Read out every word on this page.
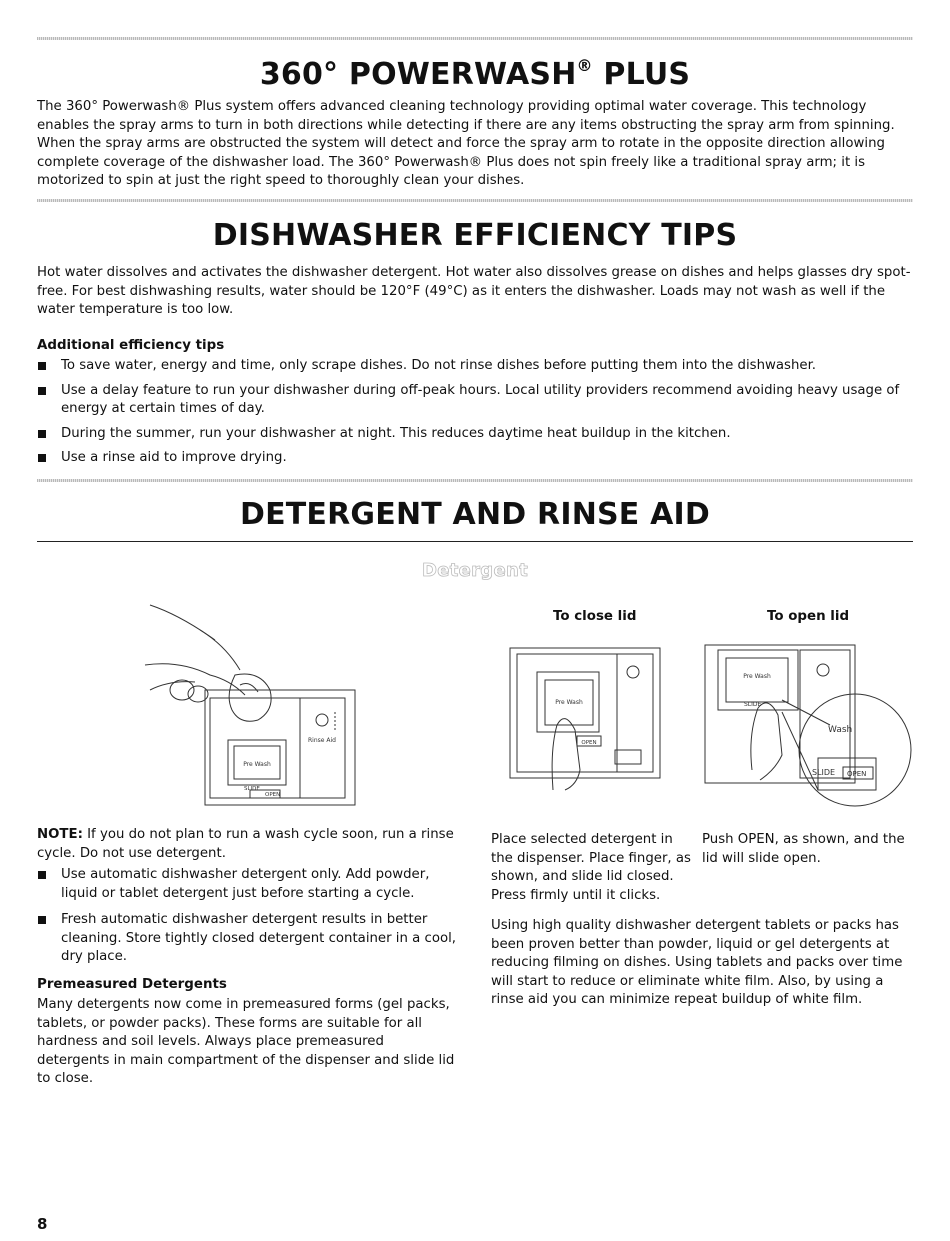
360° POWERWASH® PLUS

The 360° Powerwash® Plus system offers advanced cleaning technology providing optimal water coverage. This technology enables the spray arms to turn in both directions while detecting if there are any items obstructing the spray arm from spinning. When the spray arms are obstructed the system will detect and force the spray arm to rotate in the opposite direction allowing complete coverage of the dishwasher load. The 360° Powerwash® Plus does not spin freely like a traditional spray arm; it is motorized to spin at just the right speed to thoroughly clean your dishes.

DISHWASHER EFFICIENCY TIPS

Hot water dissolves and activates the dishwasher detergent. Hot water also dissolves grease on dishes and helps glasses dry spot-free. For best dishwashing results, water should be 120°F (49°C) as it enters the dishwasher. Loads may not wash as well if the water temperature is too low.

Additional efficiency tips

To save water, energy and time, only scrape dishes. Do not rinse dishes before putting them into the dishwasher.
Use a delay feature to run your dishwasher during off-peak hours. Local utility providers recommend avoiding heavy usage of energy at certain times of day.
During the summer, run your dishwasher at night. This reduces daytime heat buildup in the kitchen.
Use a rinse aid to improve drying.
DETERGENT AND RINSE AID
Detergent
Pre Wash
Rinse Aid
SLIDE
OPEN
To close lid
Pre Wash
OPEN
To open lid
Pre Wash
SLIDE
Wash
SLIDE OPEN

NOTE: If you do not plan to run a wash cycle soon, run a rinse cycle. Do not use detergent.

Use automatic dishwasher detergent only. Add powder, liquid or tablet detergent just before starting a cycle.
Fresh automatic dishwasher detergent results in better cleaning. Store tightly closed detergent container in a cool, dry place.

Premeasured Detergents

Many detergents now come in premeasured forms (gel packs, tablets, or powder packs). These forms are suitable for all hardness and soil levels. Always place premeasured detergents in main compartment of the dispenser and slide lid to close.

Place selected detergent in the dispenser. Place finger, as shown, and slide lid closed. Press firmly until it clicks.

Push OPEN, as shown, and the lid will slide open.

Using high quality dishwasher detergent tablets or packs has been proven better than powder, liquid or gel detergents at reducing filming on dishes. Using tablets and packs over time will start to reduce or eliminate white film. Also, by using a rinse aid you can minimize repeat buildup of white film.

8
